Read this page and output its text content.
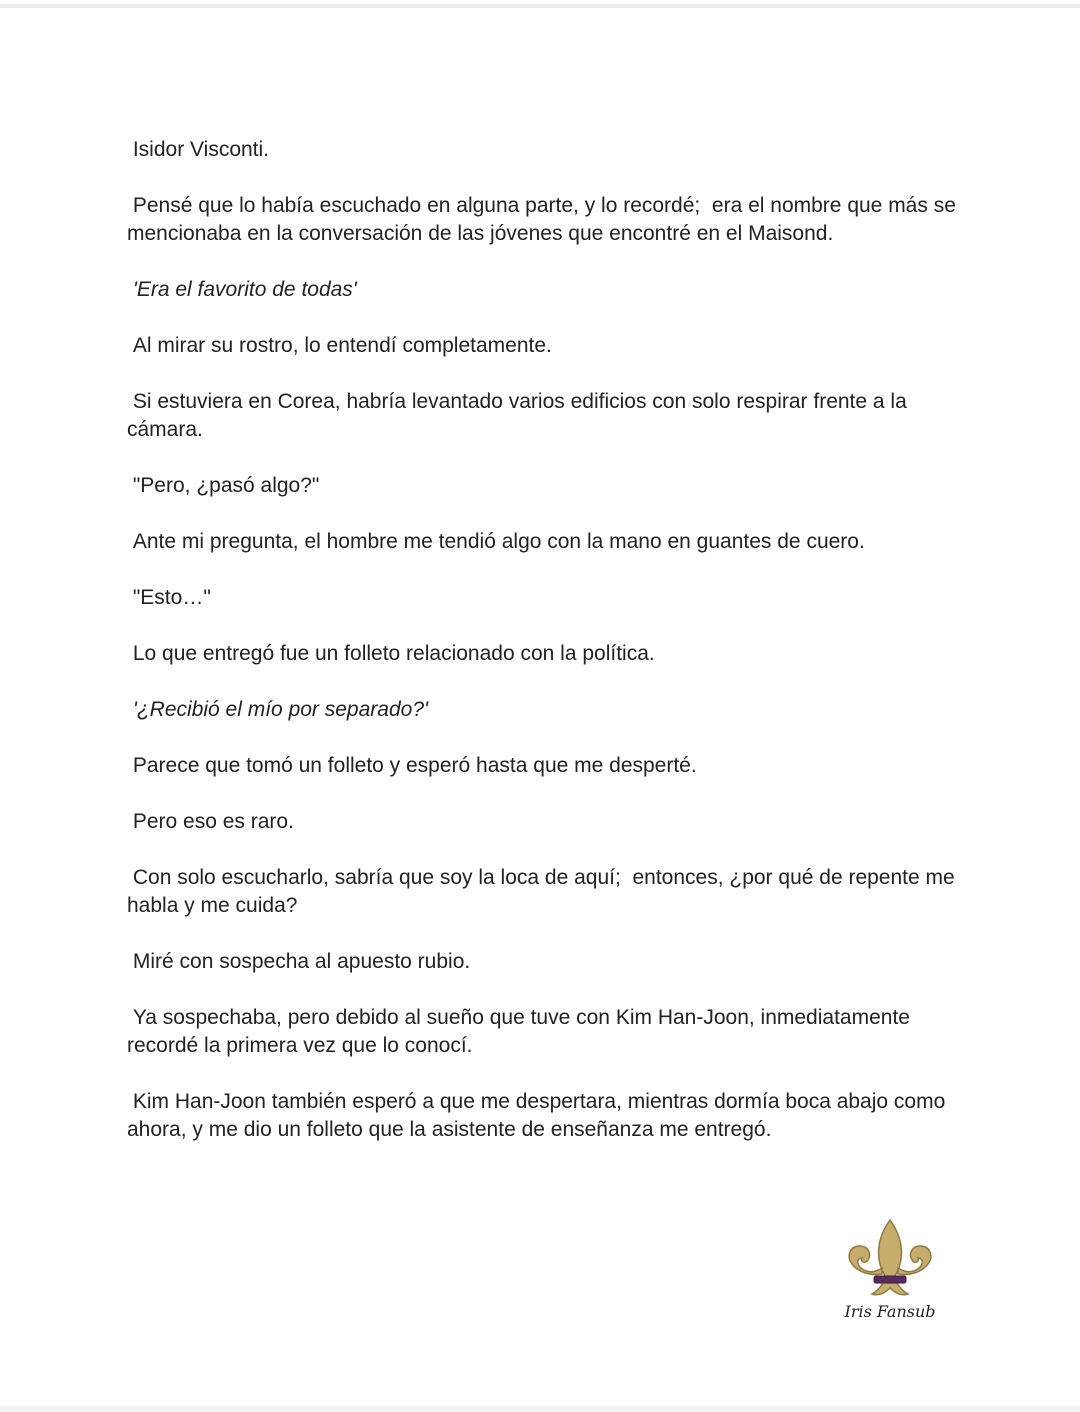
Isidor Visconti.

Pensé que lo había escuchado en alguna parte, y lo recordé;  era el nombre que más se mencionaba en la conversación de las jóvenes que encontré en el Maisond.

'Era el favorito de todas'

Al mirar su rostro, lo entendí completamente.

Si estuviera en Corea, habría levantado varios edificios con solo respirar frente a la cámara.

"Pero, ¿pasó algo?"

Ante mi pregunta, el hombre me tendió algo con la mano en guantes de cuero.

"Esto…"

Lo que entregó fue un folleto relacionado con la política.

'¿Recibió el mío por separado?'

Parece que tomó un folleto y esperó hasta que me desperté.

Pero eso es raro.

Con solo escucharlo, sabría que soy la loca de aquí;  entonces, ¿por qué de repente me habla y me cuida?

Miré con sospecha al apuesto rubio.

Ya sospechaba, pero debido al sueño que tuve con Kim Han-Joon, inmediatamente recordé la primera vez que lo conocí.

Kim Han-Joon también esperó a que me despertara, mientras dormía boca abajo como ahora, y me dio un folleto que la asistente de enseñanza me entregó.

Iris Fansub
